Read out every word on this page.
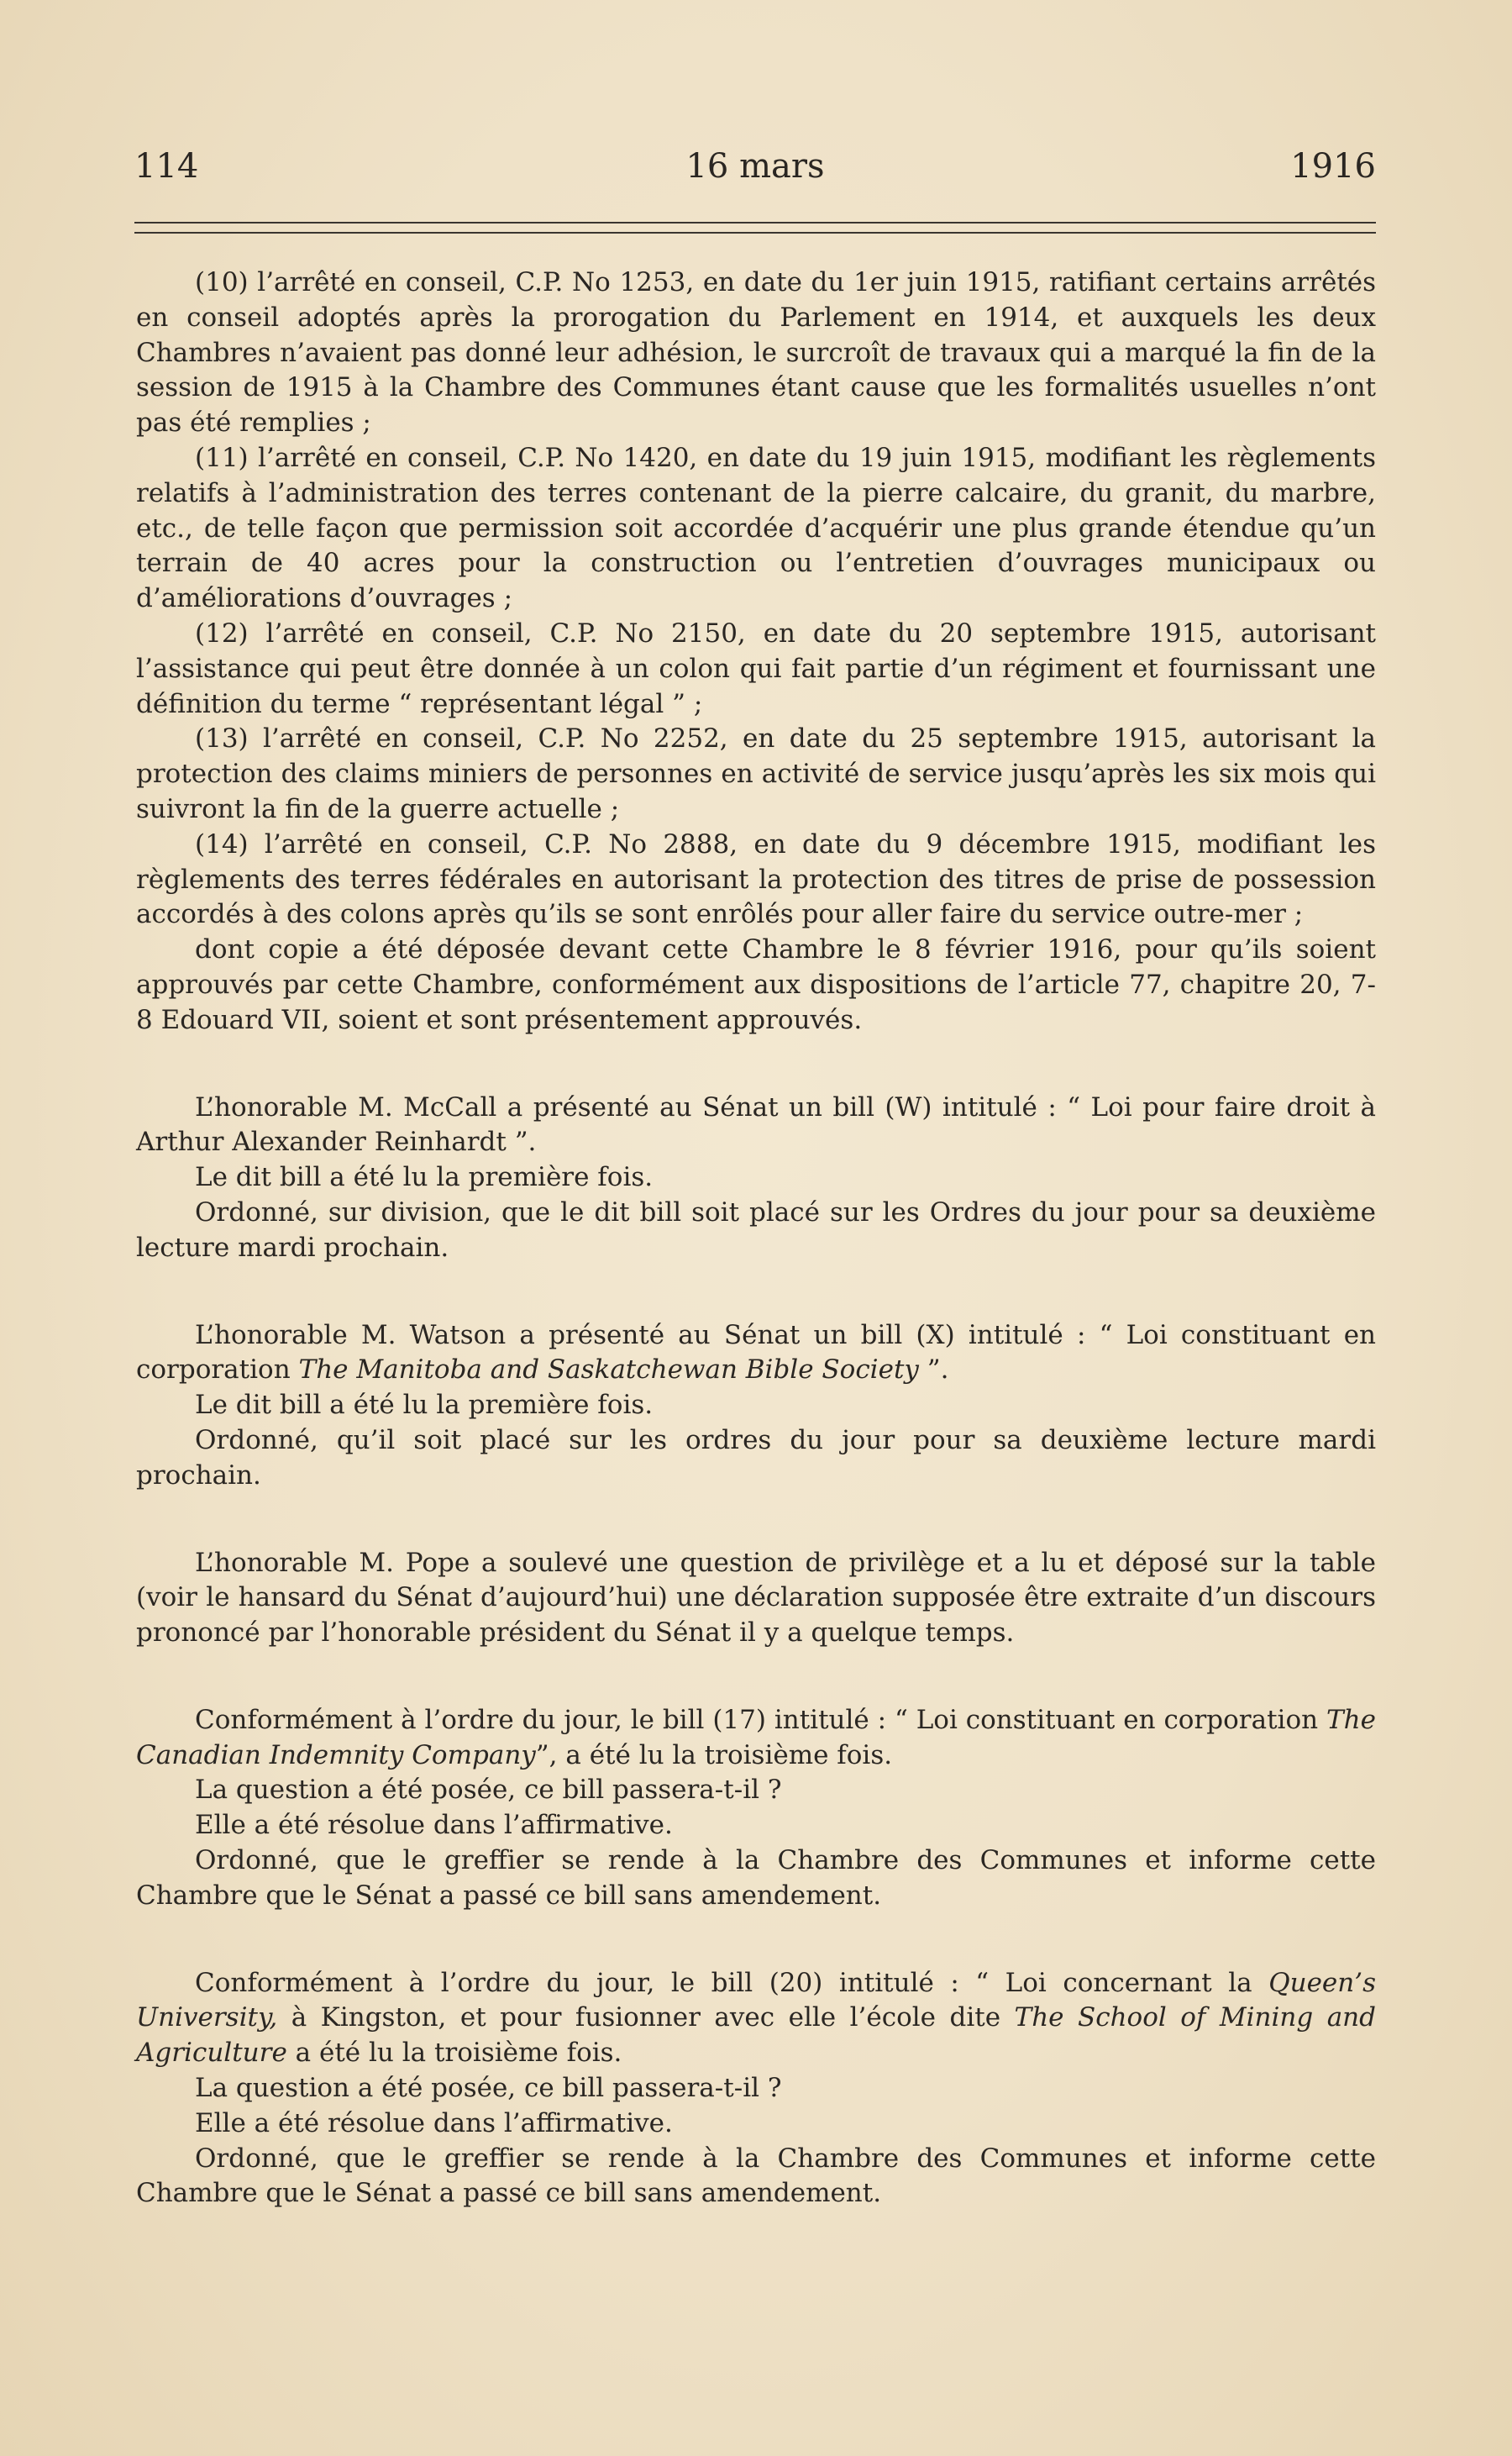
114	16 mars	1916

(10) l’arrêté en conseil, C.P. No 1253, en date du 1er juin 1915, ratifiant certains arrêtés en conseil adoptés après la prorogation du Parlement en 1914, et auxquels les deux Chambres n’avaient pas donné leur adhésion, le surcroît de travaux qui a marqué la fin de la session de 1915 à la Chambre des Communes étant cause que les formalités usuelles n’ont pas été remplies ;

(11) l’arrêté en conseil, C.P. No 1420, en date du 19 juin 1915, modifiant les règlements relatifs à l’administration des terres contenant de la pierre calcaire, du granit, du marbre, etc., de telle façon que permission soit accordée d’acquérir une plus grande étendue qu’un terrain de 40 acres pour la construction ou l’entretien d’ouvrages municipaux ou d’améliorations d’ouvrages ;

(12) l’arrêté en conseil, C.P. No 2150, en date du 20 septembre 1915, autorisant l’assistance qui peut être donnée à un colon qui fait partie d’un régiment et fournissant une définition du terme “ représentant légal ” ;

(13) l’arrêté en conseil, C.P. No 2252, en date du 25 septembre 1915, autorisant la protection des claims miniers de personnes en activité de service jusqu’après les six mois qui suivront la fin de la guerre actuelle ;

(14) l’arrêté en conseil, C.P. No 2888, en date du 9 décembre 1915, modifiant les règlements des terres fédérales en autorisant la protection des titres de prise de possession accordés à des colons après qu’ils se sont enrôlés pour aller faire du service outre-mer ;

dont copie a été déposée devant cette Chambre le 8 février 1916, pour qu’ils soient approuvés par cette Chambre, conformément aux dispositions de l’article 77, chapitre 20, 7-8 Edouard VII, soient et sont présentement approuvés.

L’honorable M. McCall a présenté au Sénat un bill (W) intitulé : “ Loi pour faire droit à Arthur Alexander Reinhardt ”.

Le dit bill a été lu la première fois.

Ordonné, sur division, que le dit bill soit placé sur les Ordres du jour pour sa deuxième lecture mardi prochain.

L’honorable M. Watson a présenté au Sénat un bill (X) intitulé : “ Loi constituant en corporation The Manitoba and Saskatchewan Bible Society ”.

Le dit bill a été lu la première fois.

Ordonné, qu’il soit placé sur les ordres du jour pour sa deuxième lecture mardi prochain.

L’honorable M. Pope a soulevé une question de privilège et a lu et déposé sur la table (voir le hansard du Sénat d’aujourd’hui) une déclaration supposée être extraite d’un discours prononcé par l’honorable président du Sénat il y a quelque temps.

Conformément à l’ordre du jour, le bill (17) intitulé : “ Loi constituant en corporation The Canadian Indemnity Company”, a été lu la troisième fois.

La question a été posée, ce bill passera-t-il ?

Elle a été résolue dans l’affirmative.

Ordonné, que le greffier se rende à la Chambre des Communes et informe cette Chambre que le Sénat a passé ce bill sans amendement.

Conformément à l’ordre du jour, le bill (20) intitulé : “ Loi concernant la Queen’s University, à Kingston, et pour fusionner avec elle l’école dite The School of Mining and Agriculture a été lu la troisième fois.

La question a été posée, ce bill passera-t-il ?

Elle a été résolue dans l’affirmative.

Ordonné, que le greffier se rende à la Chambre des Communes et informe cette Chambre que le Sénat a passé ce bill sans amendement.
